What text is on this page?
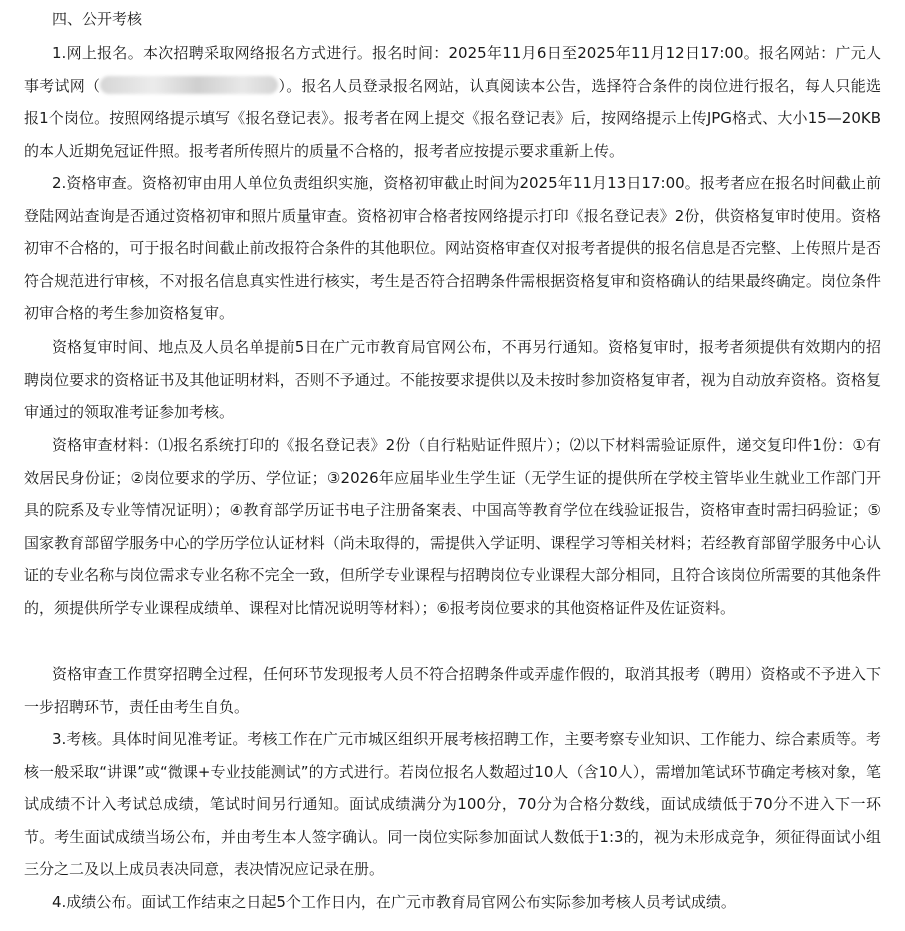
四、公开考核

1.网上报名。本次招聘采取网络报名方式进行。报名时间：2025年11月6日至2025年11月12日17:00。报名网站：广元人事考试网（	）。报名人员登录报名网站，认真阅读本公告，选择符合条件的岗位进行报名，每人只能选报1个岗位。按照网络提示填写《报名登记表》。报考者在网上提交《报名登记表》后，按网络提示上传JPG格式、大小15—20KB的本人近期免冠证件照。报考者所传照片的质量不合格的，报考者应按提示要求重新上传。

2.资格审查。资格初审由用人单位负责组织实施，资格初审截止时间为2025年11月13日17:00。报考者应在报名时间截止前登陆网站查询是否通过资格初审和照片质量审查。资格初审合格者按网络提示打印《报名登记表》2份，供资格复审时使用。资格初审不合格的，可于报名时间截止前改报符合条件的其他职位。网站资格审查仅对报考者提供的报名信息是否完整、上传照片是否符合规范进行审核，不对报名信息真实性进行核实，考生是否符合招聘条件需根据资格复审和资格确认的结果最终确定。岗位条件初审合格的考生参加资格复审。

资格复审时间、地点及人员名单提前5日在广元市教育局官网公布，不再另行通知。资格复审时，报考者须提供有效期内的招聘岗位要求的资格证书及其他证明材料，否则不予通过。不能按要求提供以及未按时参加资格复审者，视为自动放弃资格。资格复审通过的领取准考证参加考核。

资格审查材料：⑴报名系统打印的《报名登记表》2份（自行粘贴证件照片）；⑵以下材料需验证原件，递交复印件1份：①有效居民身份证；②岗位要求的学历、学位证；③2026年应届毕业生学生证（无学生证的提供所在学校主管毕业生就业工作部门开具的院系及专业等情况证明）；④教育部学历证书电子注册备案表、中国高等教育学位在线验证报告，资格审查时需扫码验证；⑤国家教育部留学服务中心的学历学位认证材料（尚未取得的，需提供入学证明、课程学习等相关材料；若经教育部留学服务中心认证的专业名称与岗位需求专业名称不完全一致，但所学专业课程与招聘岗位专业课程大部分相同，且符合该岗位所需要的其他条件的，须提供所学专业课程成绩单、课程对比情况说明等材料）；⑥报考岗位要求的其他资格证件及佐证资料。

资格审查工作贯穿招聘全过程，任何环节发现报考人员不符合招聘条件或弄虚作假的，取消其报考（聘用）资格或不予进入下一步招聘环节，责任由考生自负。

3.考核。具体时间见准考证。考核工作在广元市城区组织开展考核招聘工作，主要考察专业知识、工作能力、综合素质等。考核一般采取“讲课”或“微课+专业技能测试”的方式进行。若岗位报名人数超过10人（含10人），需增加笔试环节确定考核对象，笔试成绩不计入考试总成绩，笔试时间另行通知。面试成绩满分为100分，70分为合格分数线，面试成绩低于70分不进入下一环节。考生面试成绩当场公布，并由考生本人签字确认。同一岗位实际参加面试人数低于1:3的，视为未形成竞争，须征得面试小组三分之二及以上成员表决同意，表决情况应记录在册。

4.成绩公布。面试工作结束之日起5个工作日内，在广元市教育局官网公布实际参加考核人员考试成绩。
